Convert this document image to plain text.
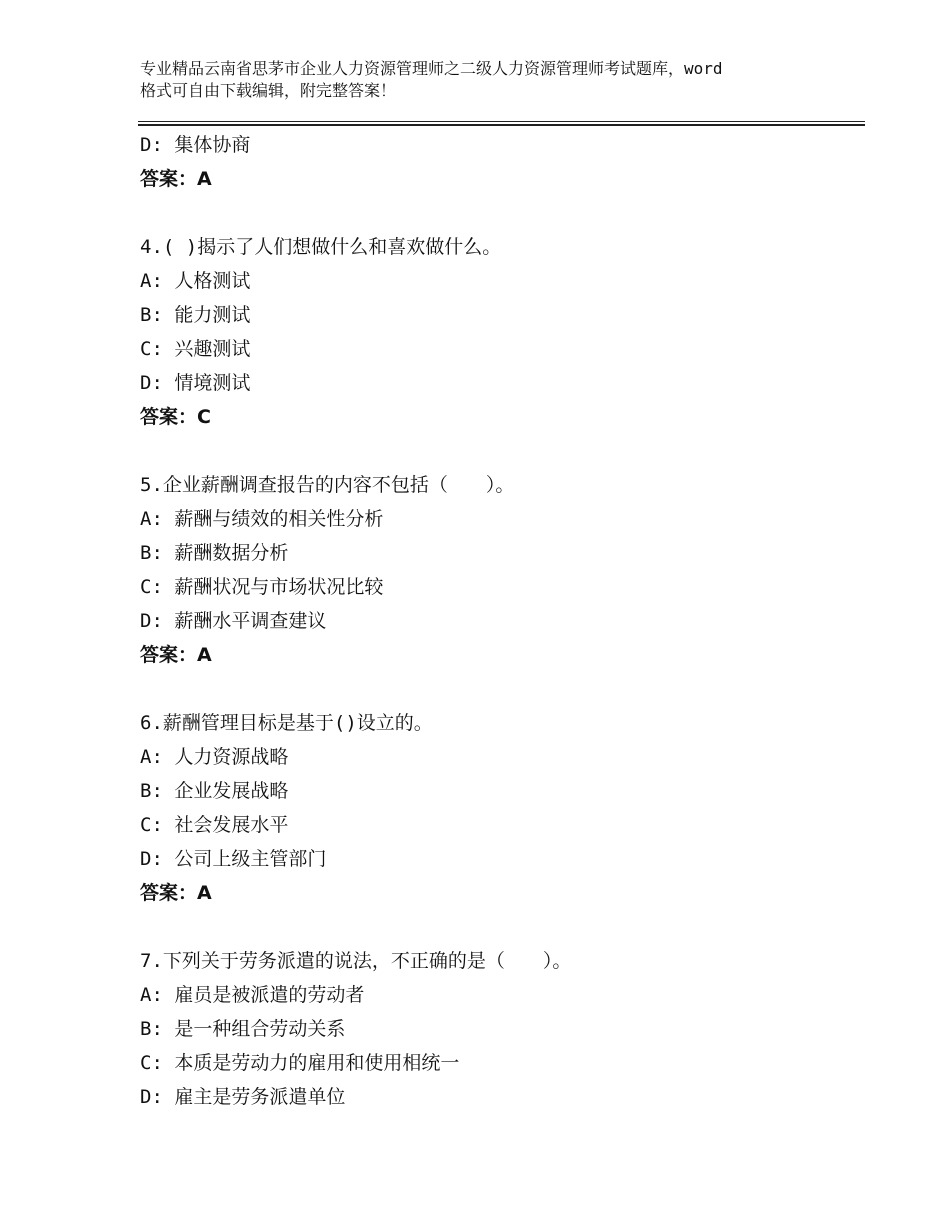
专业精品云南省思茅市企业人力资源管理师之二级人力资源管理师考试题库，word
格式可自由下载编辑，附完整答案！
D: 集体协商
答案：A
4.( )揭示了人们想做什么和喜欢做什么。
A: 人格测试
B: 能力测试
C: 兴趣测试
D: 情境测试
答案：C
5.企业薪酬调查报告的内容不包括（　　）。
A: 薪酬与绩效的相关性分析
B: 薪酬数据分析
C: 薪酬状况与市场状况比较
D: 薪酬水平调查建议
答案：A
6.薪酬管理目标是基于()设立的。
A: 人力资源战略
B: 企业发展战略
C: 社会发展水平
D: 公司上级主管部门
答案：A
7.下列关于劳务派遣的说法，不正确的是（　　）。
A: 雇员是被派遣的劳动者
B: 是一种组合劳动关系
C: 本质是劳动力的雇用和使用相统一
D: 雇主是劳务派遣单位
